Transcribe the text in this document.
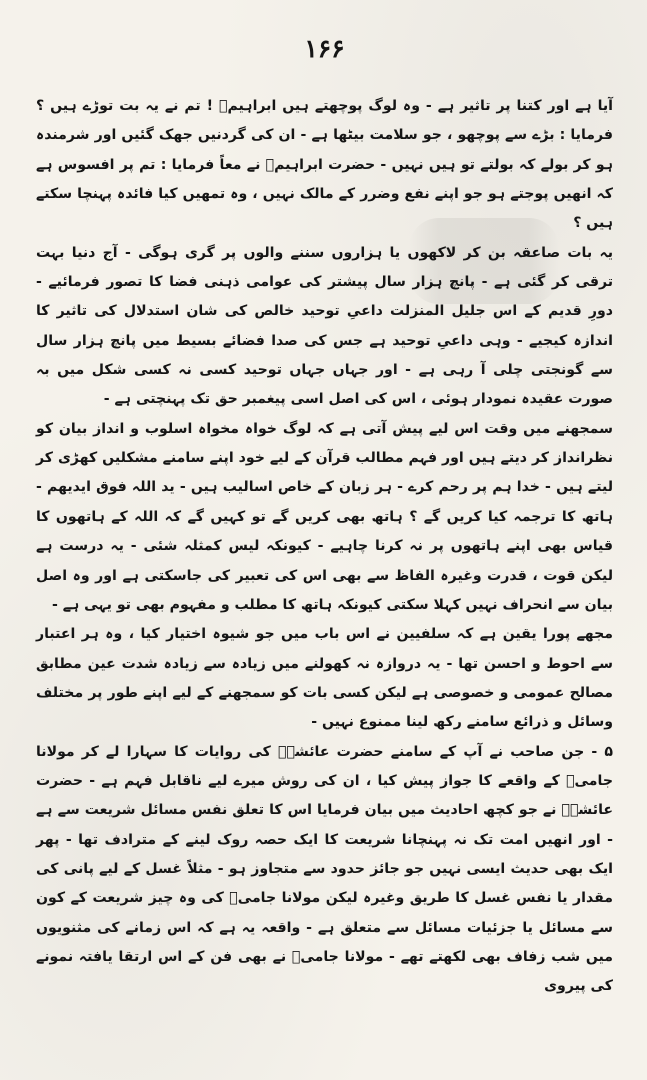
۱۶۶

آیا ہے اور کتنا پر تاثیر ہے - وہ لوگ پوچھتے ہیں ابراہیمؑ ! تم نے یہ بت توڑے ہیں ؟ فرمایا : بڑے سے پوچھو ، جو سلامت بیٹھا ہے - ان کی گردنیں جھک گئیں اور شرمندہ ہو کر بولے کہ بولتے تو ہیں نہیں - حضرت ابراہیمؑ نے معاً فرمایا : تم پر افسوس ہے کہ انھیں پوجتے ہو جو اپنے نفع وضرر کے مالک نہیں ، وہ تمھیں کیا فائدہ پہنچا سکتے ہیں ؟

یہ بات صاعقہ بن کر لاکھوں یا ہزاروں سننے والوں پر گری ہوگی - آج دنیا بہت ترقی کر گئی ہے - پانچ ہزار سال پیشتر کی عوامی ذہنی فضا کا تصور فرمائیے - دورِ قدیم کے اس جلیل المنزلت داعیِ توحید خالص کی شان استدلال کی تاثیر کا اندازہ کیجیے - وہی داعیِ توحید ہے جس کی صدا فضائے بسیط میں پانچ ہزار سال سے گونجتی چلی آ رہی ہے - اور جہاں جہاں توحید کسی نہ کسی شکل میں بہ صورت عقیدہ نمودار ہوئی ، اس کی اصل اسی پیغمبر حق تک پہنچتی ہے -

سمجھنے میں وقت اس لیے پیش آتی ہے کہ لوگ خواہ مخواہ اسلوب و انداز بیان کو نظرانداز کر دیتے ہیں اور فہم مطالب قرآن کے لیے خود اپنے سامنے مشکلیں کھڑی کر لیتے ہیں - خدا ہم پر رحم کرے - ہر زبان کے خاص اسالیب ہیں - ید اللہ فوق ایدیھم - ہاتھ کا ترجمہ کیا کریں گے ؟ ہاتھ بھی کریں گے تو کہیں گے کہ اللہ کے ہاتھوں کا قیاس بھی اپنے ہاتھوں پر نہ کرنا چاہیے - کیونکہ لیس کمثلہ شئی - یہ درست ہے لیکن قوت ، قدرت وغیرہ الفاظ سے بھی اس کی تعبیر کی جاسکتی ہے اور وہ اصل بیان سے انحراف نہیں کہلا سکتی کیونکہ ہاتھ کا مطلب و مفہوم بھی تو یہی ہے -

مجھے پورا یقین ہے کہ سلفیین نے اس باب میں جو شیوہ اختیار کیا ، وہ ہر اعتبار سے احوط و احسن تھا - یہ دروازہ نہ کھولنے میں زیادہ سے زیادہ شدت عین مطابق مصالح عمومی و خصوصی ہے لیکن کسی بات کو سمجھنے کے لیے اپنے طور پر مختلف وسائل و ذرائع سامنے رکھ لینا ممنوع نہیں -

۵ - جن صاحب نے آپ کے سامنے حضرت عائشہؓ کی روایات کا سہارا لے کر مولانا جامیؒ کے واقعے کا جواز پیش کیا ، ان کی روش میرے لیے ناقابل فہم ہے - حضرت عائشہؓ نے جو کچھ احادیث میں بیان فرمایا اس کا تعلق نفس مسائل شریعت سے ہے - اور انھیں امت تک نہ پہنچانا شریعت کا ایک حصہ روک لینے کے مترادف تھا - پھر ایک بھی حدیث ایسی نہیں جو جائز حدود سے متجاوز ہو - مثلاً غسل کے لیے پانی کی مقدار یا نفس غسل کا طریق وغیرہ لیکن مولانا جامیؒ کی وہ چیز شریعت کے کون سے مسائل یا جزئیات مسائل سے متعلق ہے - واقعہ یہ ہے کہ اس زمانے کی مثنویوں میں شب زفاف بھی لکھتے تھے - مولانا جامیؒ نے بھی فن کے اس ارتقا یافتہ نمونے کی پیروی
